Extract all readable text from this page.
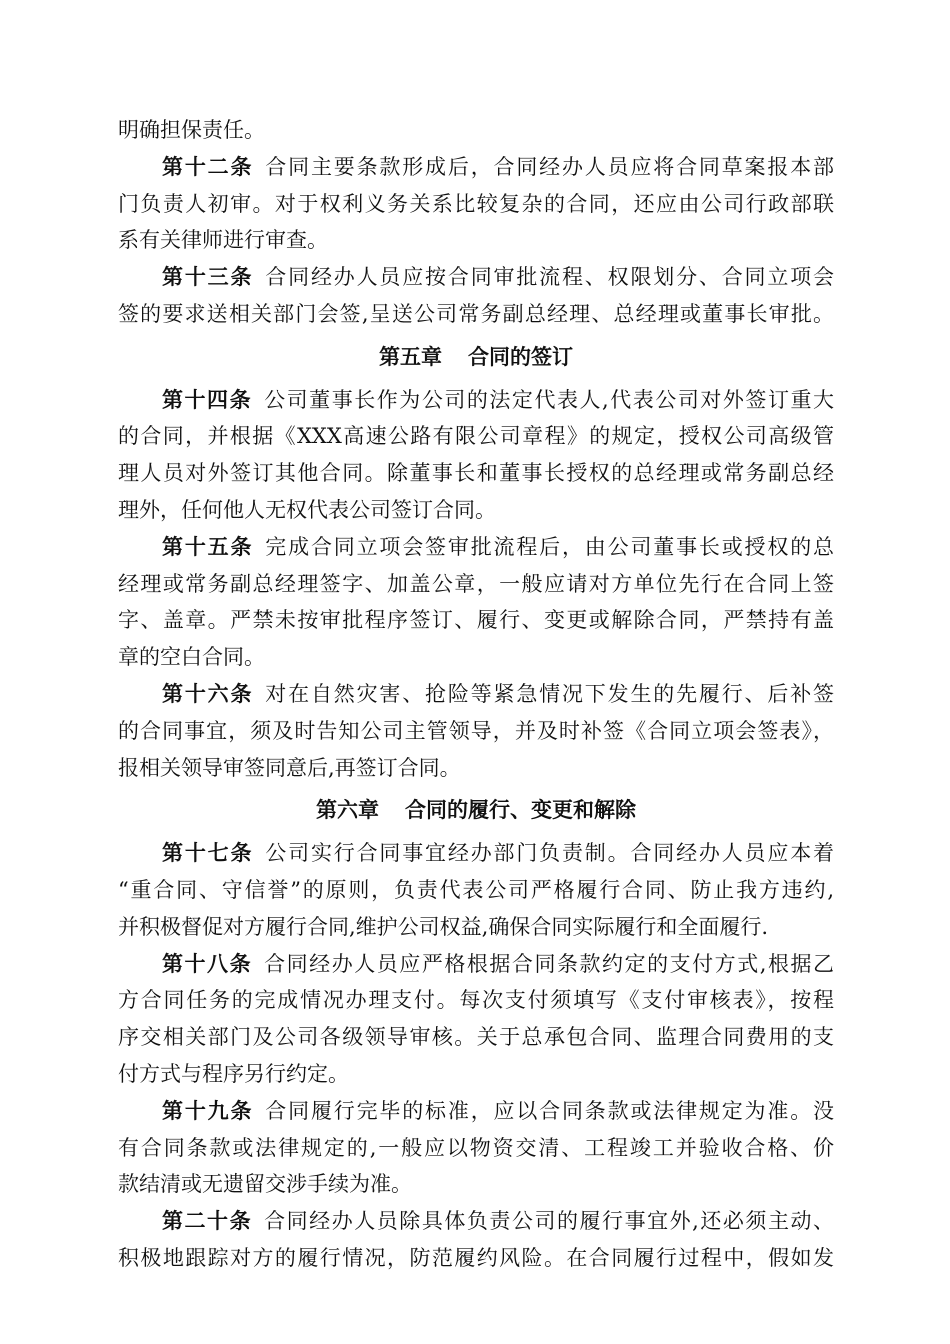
明确担保责任。
第十二条 合同主要条款形成后，合同经办人员应将合同草案报本部
门负责人初审。对于权利义务关系比较复杂的合同，还应由公司行政部联
系有关律师进行审查。
第十三条 合同经办人员应按合同审批流程、权限划分、合同立项会
签的要求送相关部门会签,呈送公司常务副总经理、总经理或董事长审批。
第五章 合同的签订
第十四条 公司董事长作为公司的法定代表人,代表公司对外签订重大
的合同，并根据《XXX高速公路有限公司章程》的规定，授权公司高级管
理人员对外签订其他合同。除董事长和董事长授权的总经理或常务副总经
理外，任何他人无权代表公司签订合同。
第十五条 完成合同立项会签审批流程后，由公司董事长或授权的总
经理或常务副总经理签字、加盖公章，一般应请对方单位先行在合同上签
字、盖章。严禁未按审批程序签订、履行、变更或解除合同，严禁持有盖
章的空白合同。
第十六条 对在自然灾害、抢险等紧急情况下发生的先履行、后补签
的合同事宜，须及时告知公司主管领导，并及时补签《合同立项会签表》，
报相关领导审签同意后,再签订合同。
第六章 合同的履行、变更和解除
第十七条 公司实行合同事宜经办部门负责制。合同经办人员应本着
“重合同、守信誉”的原则，负责代表公司严格履行合同、防止我方违约,
并积极督促对方履行合同,维护公司权益,确保合同实际履行和全面履行.
第十八条 合同经办人员应严格根据合同条款约定的支付方式,根据乙
方合同任务的完成情况办理支付。每次支付须填写《支付审核表》，按程
序交相关部门及公司各级领导审核。关于总承包合同、监理合同费用的支
付方式与程序另行约定。
第十九条 合同履行完毕的标准，应以合同条款或法律规定为准。没
有合同条款或法律规定的,一般应以物资交清、工程竣工并验收合格、价
款结清或无遗留交涉手续为准。
第二十条 合同经办人员除具体负责公司的履行事宜外,还必须主动、
积极地跟踪对方的履行情况，防范履约风险。在合同履行过程中，假如发
